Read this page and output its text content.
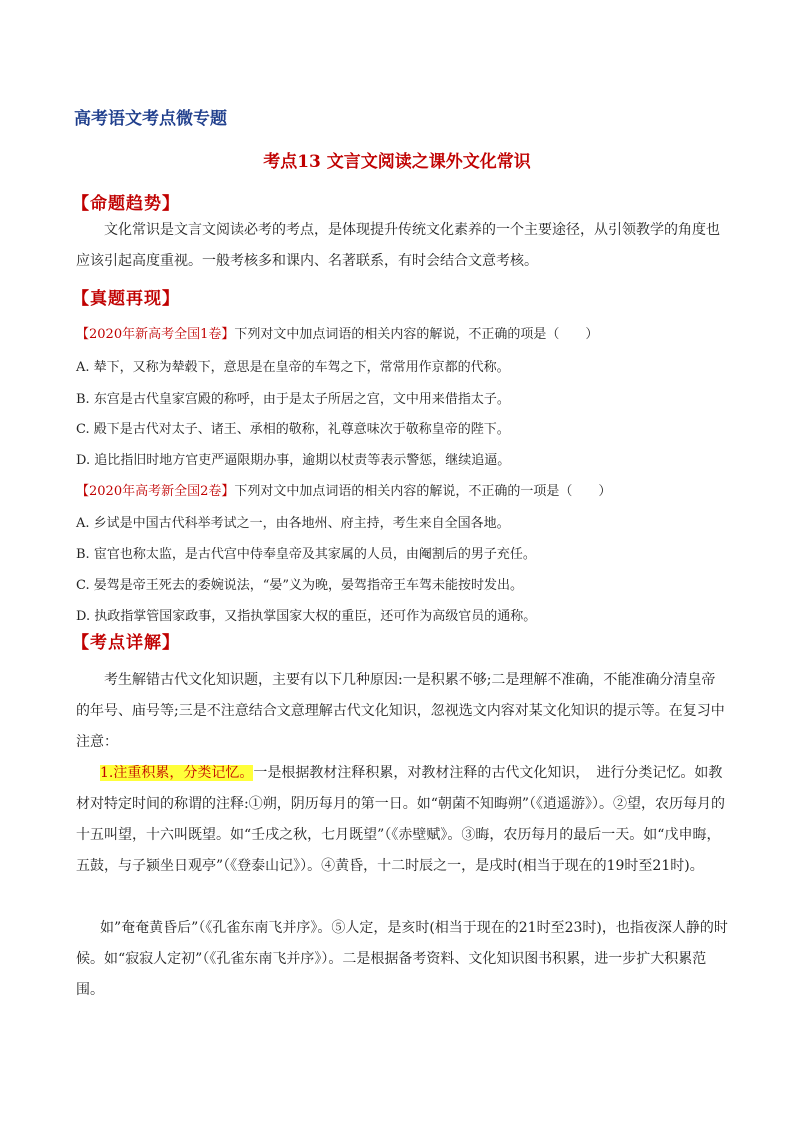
高考语文考点微专题
考点13 文言文阅读之课外文化常识
【命题趋势】
文化常识是文言文阅读必考的考点，是体现提升传统文化素养的一个主要途径，从引领教学的角度也应该引起高度重视。一般考核多和课内、名著联系，有时会结合文意考核。
【真题再现】
【2020年新高考全国1卷】下列对文中加点词语的相关内容的解说，不正确的项是（　　）
A. 辇下，又称为辇毂下，意思是在皇帝的车驾之下，常常用作京都的代称。
B. 东宫是古代皇家宫殿的称呼，由于是太子所居之宫，文中用来借指太子。
C. 殿下是古代对太子、诸王、承相的敬称，礼尊意味次于敬称皇帝的陛下。
D. 追比指旧时地方官吏严逼限期办事，逾期以杖责等表示警惩，继续追逼。
【2020年高考新全国2卷】下列对文中加点词语的相关内容的解说，不正确的一项是（　　）
A. 乡试是中国古代科举考试之一，由各地州、府主持，考生来自全国各地。
B. 宦官也称太监，是古代宫中侍奉皇帝及其家属的人员，由阉割后的男子充任。
C. 晏驾是帝王死去的委婉说法，“晏”义为晚，晏驾指帝王车驾未能按时发出。
D. 执政指掌管国家政事，又指执掌国家大权的重臣，还可作为高级官员的通称。
【考点详解】
考生解错古代文化知识题，主要有以下几种原因:一是积累不够;二是理解不准确，不能准确分清皇帝的年号、庙号等;三是不注意结合文意理解古代文化知识，忽视选文内容对某文化知识的提示等。在复习中注意：
1.注重积累，分类记忆。一是根据教材注释积累，对教材注释的古代文化知识，　进行分类记忆。如教材对特定时间的称谓的注释:①朔，阴历每月的第一日。如“朝菌不知晦朔”（《逍遥游》）。②望，农历每月的十五叫望，十六叫既望。如“壬戌之秋，七月既望”（《赤壁赋》。③晦，农历每月的最后一天。如“戊申晦，五鼓，与子颍坐日观亭”（《登泰山记》）。④黄昏，十二时辰之一，是戌时(相当于现在的19时至21时)。
如”奄奄黄昏后”（《孔雀东南飞并序》。⑤人定，是亥时(相当于现在的21时至23时)，也指夜深人静的时候。如“寂寂人定初”（《孔雀东南飞并序》）。二是根据备考资料、文化知识图书积累，进一步扩大积累范围。
